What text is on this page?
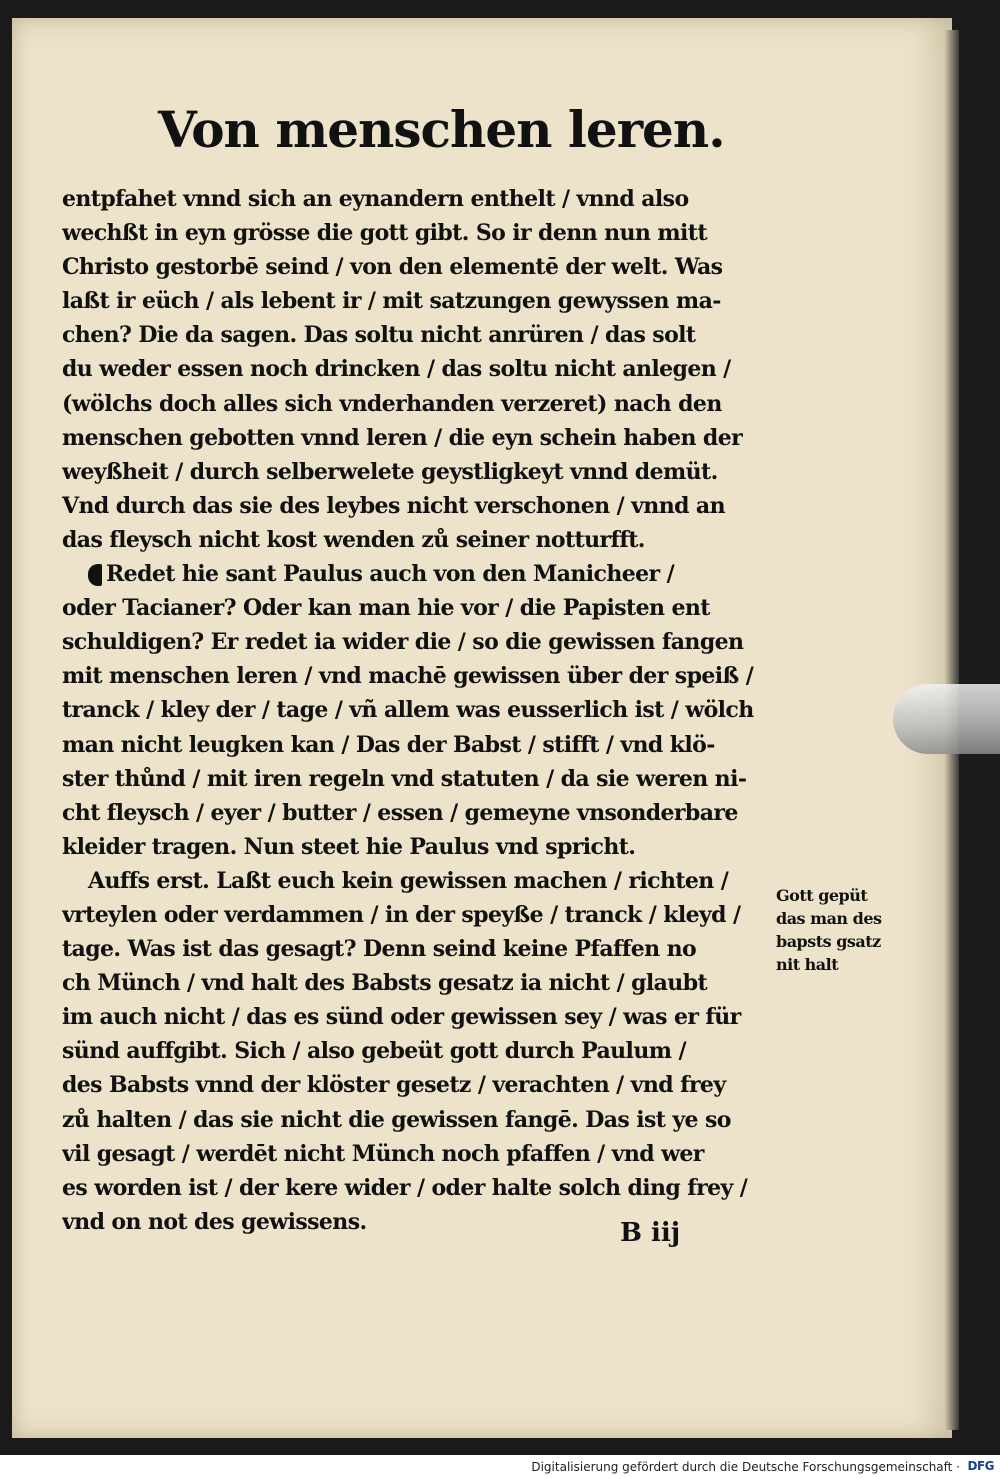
Von menschen leren.
entpfahet vnnd sich an eynandern enthelt / vnnd also
wechßt in eyn grösse die gott gibt. So ir denn nun mitt
Christo gestorbē seind / von den elementē der welt. Was
laßt ir eüch / als lebent ir / mit satzungen gewyssen ma-
chen? Die da sagen. Das soltu nicht anrüren / das solt
du weder essen noch drincken / das soltu nicht anlegen /
(wölchs doch alles sich vnderhanden verzeret) nach den
menschen gebotten vnnd leren / die eyn schein haben der
weyßheit / durch selberwelete geystligkeyt vnnd demüt.
Vnd durch das sie des leybes nicht verschonen / vnnd an
das fleysch nicht kost wenden zů seiner notturfft.
Redet hie sant Paulus auch von den Manicheer /
oder Tacianer? Oder kan man hie vor / die Papisten ent
schuldigen? Er redet ia wider die / so die gewissen fangen
mit menschen leren / vnd machē gewissen über der speiß /
tranck / kley der / tage / vñ allem was eusserlich ist / wölch
man nicht leugken kan / Das der Babst / stifft / vnd klö-
ster thůnd / mit iren regeln vnd statuten / da sie weren ni-
cht fleysch / eyer / butter / essen / gemeyne vnsonderbare
kleider tragen. Nun steet hie Paulus vnd spricht.
Auffs erst. Laßt euch kein gewissen machen / richten /
vrteylen oder verdammen / in der speyße / tranck / kleyd /
tage. Was ist das gesagt? Denn seind keine Pfaffen no
ch Münch / vnd halt des Babsts gesatz ia nicht / glaubt
im auch nicht / das es sünd oder gewissen sey / was er für
sünd auffgibt. Sich / also gebeüt gott durch Paulum /
des Babsts vnnd der klöster gesetz / verachten / vnd frey
zů halten / das sie nicht die gewissen fangē. Das ist ye so
vil gesagt / werdēt nicht Münch noch pfaffen / vnd wer
es worden ist / der kere wider / oder halte solch ding frey /
vnd on not des gewissens.
Gott gepüt
das man des
bapsts gsatz
nit halt
B iij
Digitalisierung gefördert durch die Deutsche Forschungsgemeinschaft · DFG
